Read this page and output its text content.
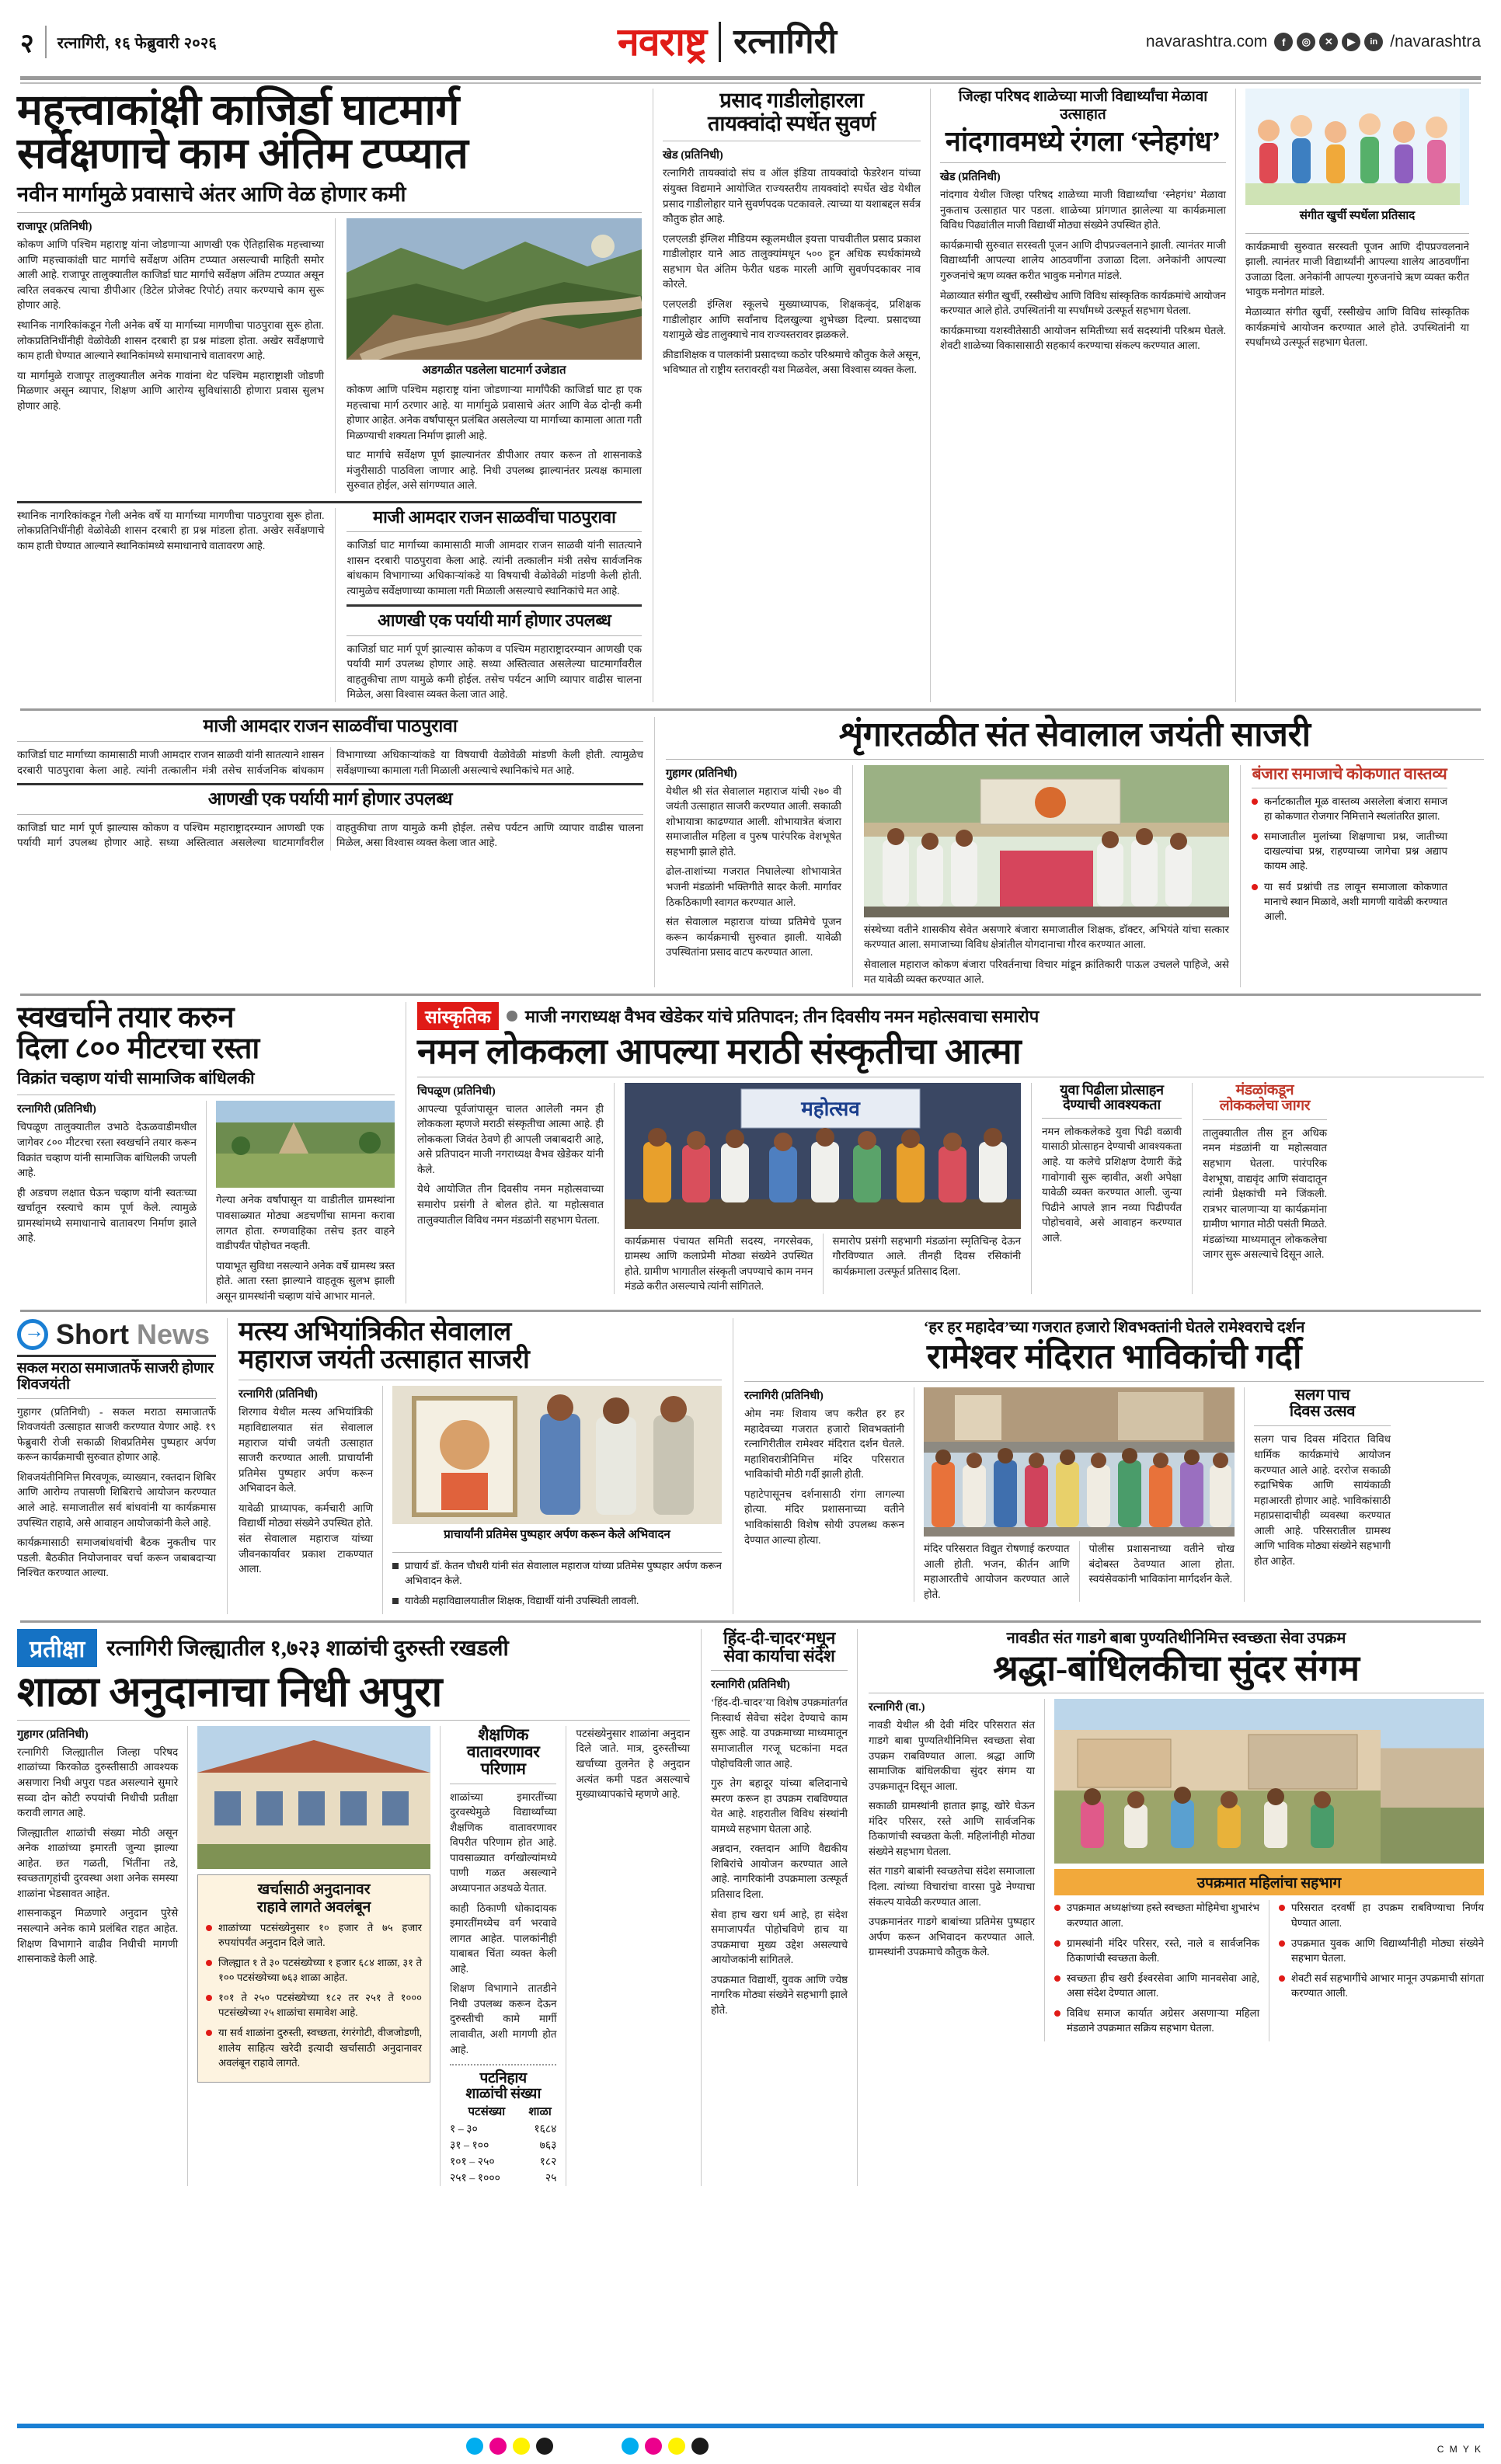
२ रत्नागिरी, १६ फेब्रुवारी २०२६	नवराष्ट्र रत्नागिरी	navarashtra.com	f	◎	✕	▶	in /navarashtra
महत्त्वाकांक्षी काजिर्डा घाटमार्ग
सर्वेक्षणाचे काम अंतिम टप्प्यात
नवीन मार्गामुळे प्रवासाचे अंतर आणि वेळ होणार कमी
राजापूर (प्रतिनिधी)
कोकण आणि पश्चिम महाराष्ट्र यांना जोडणाऱ्या आणखी एक ऐतिहासिक महत्त्वाच्या आणि महत्त्वाकांक्षी घाट मार्गाचे सर्वेक्षण अंतिम टप्प्यात असल्याची माहिती समोर आली आहे. राजापूर तालुक्यातील काजिर्डा घाट मार्गाचे सर्वेक्षण अंतिम टप्प्यात असून त्वरित लवकरच त्याचा डीपीआर (डिटेल प्रोजेक्ट रिपोर्ट) तयार करण्याचे काम सुरू होणार आहे.
स्थानिक नागरिकांकडून गेली अनेक वर्षे या मार्गाच्या मागणीचा पाठपुरावा सुरू होता. लोकप्रतिनिधींनीही वेळोवेळी शासन दरबारी हा प्रश्न मांडला होता. अखेर सर्वेक्षणाचे काम हाती घेण्यात आल्याने स्थानिकांमध्ये समाधानाचे वातावरण आहे.
या मार्गामुळे राजापूर तालुक्यातील अनेक गावांना थेट पश्चिम महाराष्ट्राशी जोडणी मिळणार असून व्यापार, शिक्षण आणि आरोग्य सुविधांसाठी होणारा प्रवास सुलभ होणार आहे.
अडगळीत पडलेला घाटमार्ग उजेडात
कोकण आणि पश्चिम महाराष्ट्र यांना जोडणाऱ्या मार्गांपैकी काजिर्डा घाट हा एक महत्त्वाचा मार्ग ठरणार आहे. या मार्गामुळे प्रवासाचे अंतर आणि वेळ दोन्ही कमी होणार आहेत. अनेक वर्षांपासून प्रलंबित असलेल्या या मार्गाच्या कामाला आता गती मिळण्याची शक्यता निर्माण झाली आहे.
घाट मार्गाचे सर्वेक्षण पूर्ण झाल्यानंतर डीपीआर तयार करून तो शासनाकडे मंजुरीसाठी पाठविला जाणार आहे. निधी उपलब्ध झाल्यानंतर प्रत्यक्ष कामाला सुरुवात होईल, असे सांगण्यात आले.
स्थानिक नागरिकांकडून गेली अनेक वर्षे या मार्गाच्या मागणीचा पाठपुरावा सुरू होता. लोकप्रतिनिधींनीही वेळोवेळी शासन दरबारी हा प्रश्न मांडला होता. अखेर सर्वेक्षणाचे काम हाती घेण्यात आल्याने स्थानिकांमध्ये समाधानाचे वातावरण आहे.
माजी आमदार राजन साळवींचा पाठपुरावा
काजिर्डा घाट मार्गाच्या कामासाठी माजी आमदार राजन साळवी यांनी सातत्याने शासन दरबारी पाठपुरावा केला आहे. त्यांनी तत्कालीन मंत्री तसेच सार्वजनिक बांधकाम विभागाच्या अधिकाऱ्यांकडे या विषयाची वेळोवेळी मांडणी केली होती. त्यामुळेच सर्वेक्षणाच्या कामाला गती मिळाली असल्याचे स्थानिकांचे मत आहे.
आणखी एक पर्यायी मार्ग होणार उपलब्ध
काजिर्डा घाट मार्ग पूर्ण झाल्यास कोकण व पश्चिम महाराष्ट्रादरम्यान आणखी एक पर्यायी मार्ग उपलब्ध होणार आहे. सध्या अस्तित्वात असलेल्या घाटमार्गांवरील वाहतुकीचा ताण यामुळे कमी होईल. तसेच पर्यटन आणि व्यापार वाढीस चालना मिळेल, असा विश्वास व्यक्त केला जात आहे.
प्रसाद गाडीलोहारला
तायक्वांदो स्पर्धेत सुवर्ण
खेड (प्रतिनिधी)
रत्नागिरी तायक्वांदो संघ व ऑल इंडिया तायक्वांदो फेडरेशन यांच्या संयुक्त विद्यमाने आयोजित राज्यस्तरीय तायक्वांदो स्पर्धेत खेड येथील प्रसाद गाडीलोहार याने सुवर्णपदक पटकावले. त्याच्या या यशाबद्दल सर्वत्र कौतुक होत आहे.
एलएलडी इंग्लिश मीडियम स्कूलमधील इयत्ता पाचवीतील प्रसाद प्रकाश गाडीलोहार याने आठ तालुक्यांमधून ५०० हून अधिक स्पर्धकांमध्ये सहभाग घेत अंतिम फेरीत धडक मारली आणि सुवर्णपदकावर नाव कोरले.
एलएलडी इंग्लिश स्कूलचे मुख्याध्यापक, शिक्षकवृंद, प्रशिक्षक गाडीलोहार आणि सर्वांनाच दिलखुल्या शुभेच्छा दिल्या. प्रसादच्या यशामुळे खेड तालुक्याचे नाव राज्यस्तरावर झळकले.
क्रीडाशिक्षक व पालकांनी प्रसादच्या कठोर परिश्रमाचे कौतुक केले असून, भविष्यात तो राष्ट्रीय स्तरावरही यश मिळवेल, असा विश्वास व्यक्त केला.
जिल्हा परिषद शाळेच्या माजी विद्यार्थ्यांचा मेळावा उत्साहात
नांदगावमध्ये रंगला ‘स्नेहगंध’
खेड (प्रतिनिधी)
नांदगाव येथील जिल्हा परिषद शाळेच्या माजी विद्यार्थ्यांचा ‘स्नेहगंध’ मेळावा नुकताच उत्साहात पार पडला. शाळेच्या प्रांगणात झालेल्या या कार्यक्रमाला विविध पिढ्यांतील माजी विद्यार्थी मोठ्या संख्येने उपस्थित होते.
कार्यक्रमाची सुरुवात सरस्वती पूजन आणि दीपप्रज्वलनाने झाली. त्यानंतर माजी विद्यार्थ्यांनी आपल्या शालेय आठवणींना उजाळा दिला. अनेकांनी आपल्या गुरुजनांचे ऋण व्यक्त करीत भावुक मनोगत मांडले.
मेळाव्यात संगीत खुर्ची, रस्सीखेच आणि विविध सांस्कृतिक कार्यक्रमांचे आयोजन करण्यात आले होते. उपस्थितांनी या स्पर्धांमध्ये उत्स्फूर्त सहभाग घेतला.
कार्यक्रमाच्या यशस्वीतेसाठी आयोजन समितीच्या सर्व सदस्यांनी परिश्रम घेतले. शेवटी शाळेच्या विकासासाठी सहकार्य करण्याचा संकल्प करण्यात आला.
संगीत खुर्ची स्पर्धेला प्रतिसाद
कार्यक्रमाची सुरुवात सरस्वती पूजन आणि दीपप्रज्वलनाने झाली. त्यानंतर माजी विद्यार्थ्यांनी आपल्या शालेय आठवणींना उजाळा दिला. अनेकांनी आपल्या गुरुजनांचे ऋण व्यक्त करीत भावुक मनोगत मांडले.
मेळाव्यात संगीत खुर्ची, रस्सीखेच आणि विविध सांस्कृतिक कार्यक्रमांचे आयोजन करण्यात आले होते. उपस्थितांनी या स्पर्धांमध्ये उत्स्फूर्त सहभाग घेतला.
माजी आमदार राजन साळवींचा पाठपुरावा
काजिर्डा घाट मार्गाच्या कामासाठी माजी आमदार राजन साळवी यांनी सातत्याने शासन दरबारी पाठपुरावा केला आहे. त्यांनी तत्कालीन मंत्री तसेच सार्वजनिक बांधकाम विभागाच्या अधिकाऱ्यांकडे या विषयाची वेळोवेळी मांडणी केली होती. त्यामुळेच सर्वेक्षणाच्या कामाला गती मिळाली असल्याचे स्थानिकांचे मत आहे.
आणखी एक पर्यायी मार्ग होणार उपलब्ध
काजिर्डा घाट मार्ग पूर्ण झाल्यास कोकण व पश्चिम महाराष्ट्रादरम्यान आणखी एक पर्यायी मार्ग उपलब्ध होणार आहे. सध्या अस्तित्वात असलेल्या घाटमार्गांवरील वाहतुकीचा ताण यामुळे कमी होईल. तसेच पर्यटन आणि व्यापार वाढीस चालना मिळेल, असा विश्वास व्यक्त केला जात आहे.
शृंगारतळीत संत सेवालाल जयंती साजरी
गुहागर (प्रतिनिधी)
येथील श्री संत सेवालाल महाराज यांची २७० वी जयंती उत्साहात साजरी करण्यात आली. सकाळी शोभायात्रा काढण्यात आली. शोभायात्रेत बंजारा समाजातील महिला व पुरुष पारंपरिक वेशभूषेत सहभागी झाले होते.
ढोल-ताशांच्या गजरात निघालेल्या शोभायात्रेत भजनी मंडळांनी भक्तिगीते सादर केली. मार्गावर ठिकठिकाणी स्वागत करण्यात आले.
संत सेवालाल महाराज यांच्या प्रतिमेचे पूजन करून कार्यक्रमाची सुरुवात झाली. यावेळी उपस्थितांना प्रसाद वाटप करण्यात आला.
संस्थेच्या वतीने शासकीय सेवेत असणारे बंजारा समाजातील शिक्षक, डॉक्टर, अभियंते यांचा सत्कार करण्यात आला. समाजाच्या विविध क्षेत्रांतील योगदानाचा गौरव करण्यात आला.
सेवालाल महाराज कोकण बंजारा परिवर्तनाचा विचार मांडून क्रांतिकारी पाऊल उचलले पाहिजे, असे मत यावेळी व्यक्त करण्यात आले.
बंजारा समाजाचे कोकणात वास्तव्य
कर्नाटकातील मूळ वास्तव्य असलेला बंजारा समाज हा कोकणात रोजगार निमित्ताने स्थलांतरित झाला.
समाजातील मुलांच्या शिक्षणाचा प्रश्न, जातीच्या दाखल्यांचा प्रश्न, राहण्याच्या जागेचा प्रश्न अद्याप कायम आहे.
या सर्व प्रश्नांची तड लावून समाजाला कोकणात मानाचे स्थान मिळावे, अशी मागणी यावेळी करण्यात आली.
स्वखर्चाने तयार करुन
दिला ८०० मीटरचा रस्ता
विक्रांत चव्हाण यांची सामाजिक बांधिलकी
रत्नागिरी (प्रतिनिधी)
चिपळूण तालुक्यातील उभाठे देऊळवाडीमधील जागेवर ८०० मीटरचा रस्ता स्वखर्चाने तयार करून विक्रांत चव्हाण यांनी सामाजिक बांधिलकी जपली आहे.
ही अडचण लक्षात घेऊन चव्हाण यांनी स्वतःच्या खर्चातून रस्त्याचे काम पूर्ण केले. त्यामुळे ग्रामस्थांमध्ये समाधानाचे वातावरण निर्माण झाले आहे.
गेल्या अनेक वर्षांपासून या वाडीतील ग्रामस्थांना पावसाळ्यात मोठ्या अडचणींचा सामना करावा लागत होता. रुग्णवाहिका तसेच इतर वाहने वाडीपर्यंत पोहोचत नव्हती.
पायाभूत सुविधा नसल्याने अनेक वर्षे ग्रामस्थ त्रस्त होते. आता रस्ता झाल्याने वाहतूक सुलभ झाली असून ग्रामस्थांनी चव्हाण यांचे आभार मानले.
सांस्कृतिक	माजी नगराध्यक्ष वैभव खेडेकर यांचे प्रतिपादन; तीन दिवसीय नमन महोत्सवाचा समारोप
नमन लोककला आपल्या मराठी संस्कृतीचा आत्मा
चिपळूण (प्रतिनिधी)
आपल्या पूर्वजांपासून चालत आलेली नमन ही लोककला म्हणजे मराठी संस्कृतीचा आत्मा आहे. ही लोककला जिवंत ठेवणे ही आपली जबाबदारी आहे, असे प्रतिपादन माजी नगराध्यक्ष वैभव खेडेकर यांनी केले.
येथे आयोजित तीन दिवसीय नमन महोत्सवाच्या समारोप प्रसंगी ते बोलत होते. या महोत्सवात तालुक्यातील विविध नमन मंडळांनी सहभाग घेतला.
महोत्सव
कार्यक्रमास पंचायत समिती सदस्य, नगरसेवक, ग्रामस्थ आणि कलाप्रेमी मोठ्या संख्येने उपस्थित होते. ग्रामीण भागातील संस्कृती जपण्याचे काम नमन मंडळे करीत असल्याचे त्यांनी सांगितले.
समारोप प्रसंगी सहभागी मंडळांना स्मृतिचिन्ह देऊन गौरविण्यात आले. तीनही दिवस रसिकांनी कार्यक्रमाला उत्स्फूर्त प्रतिसाद दिला.
युवा पिढीला प्रोत्साहन देण्याची आवश्यकता
नमन लोककलेकडे युवा पिढी वळावी यासाठी प्रोत्साहन देण्याची आवश्यकता आहे. या कलेचे प्रशिक्षण देणारी केंद्रे गावोगावी सुरू व्हावीत, अशी अपेक्षा यावेळी व्यक्त करण्यात आली. जुन्या पिढीने आपले ज्ञान नव्या पिढीपर्यंत पोहोचवावे, असे आवाहन करण्यात आले.
मंडळांकडून
लोककलेचा जागर
तालुक्यातील तीस हून अधिक नमन मंडळांनी या महोत्सवात सहभाग घेतला. पारंपरिक वेशभूषा, वाद्यवृंद आणि संवादातून त्यांनी प्रेक्षकांची मने जिंकली. रात्रभर चालणाऱ्या या कार्यक्रमांना ग्रामीण भागात मोठी पसंती मिळते. मंडळांच्या माध्यमातून लोककलेचा जागर सुरू असल्याचे दिसून आले.
→
Short News
सकल मराठा समाजातर्फे साजरी होणार शिवजयंती
गुहागर (प्रतिनिधी) - सकल मराठा समाजातर्फे शिवजयंती उत्साहात साजरी करण्यात येणार आहे. १९ फेब्रुवारी रोजी सकाळी शिवप्रतिमेस पुष्पहार अर्पण करून कार्यक्रमाची सुरुवात होणार आहे.
शिवजयंतीनिमित्त मिरवणूक, व्याख्यान, रक्तदान शिबिर आणि आरोग्य तपासणी शिबिराचे आयोजन करण्यात आले आहे. समाजातील सर्व बांधवांनी या कार्यक्रमास उपस्थित राहावे, असे आवाहन आयोजकांनी केले आहे.
कार्यक्रमासाठी समाजबांधवांची बैठक नुकतीच पार पडली. बैठकीत नियोजनावर चर्चा करून जबाबदाऱ्या निश्चित करण्यात आल्या.
मत्स्य अभियांत्रिकीत सेवालाल
महाराज जयंती उत्साहात साजरी
रत्नागिरी (प्रतिनिधी)
शिरगाव येथील मत्स्य अभियांत्रिकी महाविद्यालयात संत सेवालाल महाराज यांची जयंती उत्साहात साजरी करण्यात आली. प्राचार्यांनी प्रतिमेस पुष्पहार अर्पण करून अभिवादन केले.
यावेळी प्राध्यापक, कर्मचारी आणि विद्यार्थी मोठ्या संख्येने उपस्थित होते. संत सेवालाल महाराज यांच्या जीवनकार्यावर प्रकाश टाकण्यात आला.
प्राचार्यांनी प्रतिमेस पुष्पहार अर्पण करून केले अभिवादन
प्राचार्य डॉ. केतन चौधरी यांनी संत सेवालाल महाराज यांच्या प्रतिमेस पुष्पहार अर्पण करून अभिवादन केले.
यावेळी महाविद्यालयातील शिक्षक, विद्यार्थी यांनी उपस्थिती लावली.
‘हर हर महादेव’च्या गजरात हजारो शिवभक्तांनी घेतले रामेश्वराचे दर्शन
रामेश्वर मंदिरात भाविकांची गर्दी
रत्नागिरी (प्रतिनिधी)
ओम नमः शिवाय जप करीत हर हर महादेवच्या गजरात हजारो शिवभक्तांनी रत्नागिरीतील रामेश्वर मंदिरात दर्शन घेतले. महाशिवरात्रीनिमित्त मंदिर परिसरात भाविकांची मोठी गर्दी झाली होती.
पहाटेपासूनच दर्शनासाठी रांगा लागल्या होत्या. मंदिर प्रशासनाच्या वतीने भाविकांसाठी विशेष सोयी उपलब्ध करून देण्यात आल्या होत्या.
मंदिर परिसरात विद्युत रोषणाई करण्यात आली होती. भजन, कीर्तन आणि महाआरतीचे आयोजन करण्यात आले होते.
पोलीस प्रशासनाच्या वतीने चोख बंदोबस्त ठेवण्यात आला होता. स्वयंसेवकांनी भाविकांना मार्गदर्शन केले.
सलग पाच
दिवस उत्सव
सलग पाच दिवस मंदिरात विविध धार्मिक कार्यक्रमांचे आयोजन करण्यात आले आहे. दररोज सकाळी रुद्राभिषेक आणि सायंकाळी महाआरती होणार आहे. भाविकांसाठी महाप्रसादाचीही व्यवस्था करण्यात आली आहे. परिसरातील ग्रामस्थ आणि भाविक मोठ्या संख्येने सहभागी होत आहेत.
प्रतीक्षा	रत्नागिरी जिल्ह्यातील १,७२३ शाळांची दुरुस्ती रखडली
शाळा अनुदानाचा निधी अपुरा
गुहागर (प्रतिनिधी)
रत्नागिरी जिल्ह्यातील जिल्हा परिषद शाळांच्या किरकोळ दुरुस्तीसाठी आवश्यक असणारा निधी अपुरा पडत असल्याने सुमारे सव्वा दोन कोटी रुपयांची निधीची प्रतीक्षा करावी लागत आहे.
जिल्ह्यातील शाळांची संख्या मोठी असून अनेक शाळांच्या इमारती जुन्या झाल्या आहेत. छत गळती, भिंतींना तडे, स्वच्छतागृहांची दुरवस्था अशा अनेक समस्या शाळांना भेडसावत आहेत.
शासनाकडून मिळणारे अनुदान पुरेसे नसल्याने अनेक कामे प्रलंबित राहत आहेत. शिक्षण विभागाने वाढीव निधीची मागणी शासनाकडे केली आहे.
खर्चासाठी अनुदानावर
राहावे लागते अवलंबून
शाळांच्या पटसंख्येनुसार १० हजार ते ७५ हजार रुपयांपर्यंत अनुदान दिले जाते.
जिल्ह्यात १ ते ३० पटसंख्येच्या १ हजार ६८४ शाळा, ३१ ते १०० पटसंख्येच्या ७६३ शाळा आहेत.
१०१ ते २५० पटसंख्येच्या १८२ तर २५१ ते १००० पटसंख्येच्या २५ शाळांचा समावेश आहे.
या सर्व शाळांना दुरुस्ती, स्वच्छता, रंगरंगोटी, वीजजोडणी, शालेय साहित्य खरेदी इत्यादी खर्चासाठी अनुदानावर अवलंबून राहावे लागते.
शैक्षणिक
वातावरणावर
परिणाम
शाळांच्या इमारतींच्या दुरवस्थेमुळे विद्यार्थ्यांच्या शैक्षणिक वातावरणावर विपरीत परिणाम होत आहे. पावसाळ्यात वर्गखोल्यांमध्ये पाणी गळत असल्याने अध्यापनात अडथळे येतात.
काही ठिकाणी धोकादायक इमारतींमध्येच वर्ग भरवावे लागत आहेत. पालकांनीही याबाबत चिंता व्यक्त केली आहे.
शिक्षण विभागाने तातडीने निधी उपलब्ध करून देऊन दुरुस्तीची कामे मार्गी लावावीत, अशी मागणी होत आहे.
पटनिहाय
शाळांची संख्या
पटसंख्या	शाळा
१ – ३०	१६८४
३१ – १००	७६३
१०१ – २५०	१८२
२५१ – १०००	२५
पटसंख्येनुसार शाळांना अनुदान दिले जाते. मात्र, दुरुस्तीच्या खर्चाच्या तुलनेत हे अनुदान अत्यंत कमी पडत असल्याचे मुख्याध्यापकांचे म्हणणे आहे.
हिंद-दी-चादर‘मधून
सेवा कार्याचा संदेश
रत्नागिरी (प्रतिनिधी)
‘हिंद-दी-चादर’या विशेष उपक्रमांतर्गत निःस्वार्थ सेवेचा संदेश देण्याचे काम सुरू आहे. या उपक्रमाच्या माध्यमातून समाजातील गरजू घटकांना मदत पोहोचविली जात आहे.
गुरु तेग बहादूर यांच्या बलिदानाचे स्मरण करून हा उपक्रम राबविण्यात येत आहे. शहरातील विविध संस्थांनी यामध्ये सहभाग घेतला आहे.
अन्नदान, रक्तदान आणि वैद्यकीय शिबिरांचे आयोजन करण्यात आले आहे. नागरिकांनी उपक्रमाला उत्स्फूर्त प्रतिसाद दिला.
सेवा हाच खरा धर्म आहे, हा संदेश समाजापर्यंत पोहोचविणे हाच या उपक्रमाचा मुख्य उद्देश असल्याचे आयोजकांनी सांगितले.
उपक्रमात विद्यार्थी, युवक आणि ज्येष्ठ नागरिक मोठ्या संख्येने सहभागी झाले होते.
नावडीत संत गाडगे बाबा पुण्यतिथीनिमित्त स्वच्छता सेवा उपक्रम
श्रद्धा-बांधिलकीचा सुंदर संगम
रत्नागिरी (वा.)
नावडी येथील श्री देवी मंदिर परिसरात संत गाडगे बाबा पुण्यतिथीनिमित्त स्वच्छता सेवा उपक्रम राबविण्यात आला. श्रद्धा आणि सामाजिक बांधिलकीचा सुंदर संगम या उपक्रमातून दिसून आला.
सकाळी ग्रामस्थांनी हातात झाडू, खोरे घेऊन मंदिर परिसर, रस्ते आणि सार्वजनिक ठिकाणांची स्वच्छता केली. महिलांनीही मोठ्या संख्येने सहभाग घेतला.
संत गाडगे बाबांनी स्वच्छतेचा संदेश समाजाला दिला. त्यांच्या विचारांचा वारसा पुढे नेण्याचा संकल्प यावेळी करण्यात आला.
उपक्रमानंतर गाडगे बाबांच्या प्रतिमेस पुष्पहार अर्पण करून अभिवादन करण्यात आले. ग्रामस्थांनी उपक्रमाचे कौतुक केले.
उपक्रमात महिलांचा सहभाग
उपक्रमात अध्यक्षांच्या हस्ते स्वच्छता मोहिमेचा शुभारंभ करण्यात आला.
ग्रामस्थांनी मंदिर परिसर, रस्ते, नाले व सार्वजनिक ठिकाणांची स्वच्छता केली.
स्वच्छता हीच खरी ईश्वरसेवा आणि मानवसेवा आहे, असा संदेश देण्यात आला.
विविध समाज कार्यात अग्रेसर असणाऱ्या महिला मंडळाने उपक्रमात सक्रिय सहभाग घेतला.
परिसरात दरवर्षी हा उपक्रम राबविण्याचा निर्णय घेण्यात आला.
उपक्रमात युवक आणि विद्यार्थ्यांनीही मोठ्या संख्येने सहभाग घेतला.
शेवटी सर्व सहभागींचे आभार मानून उपक्रमाची सांगता करण्यात आली.
C M Y K
